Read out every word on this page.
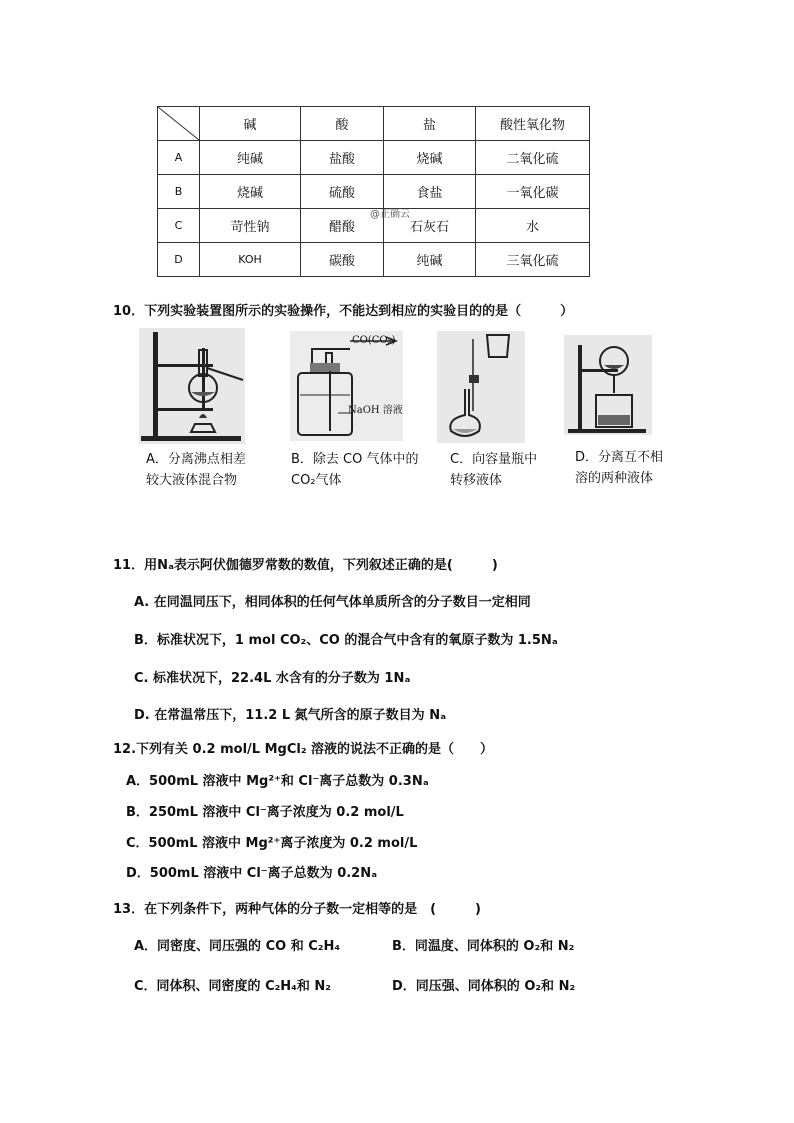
	碱	酸	盐	酸性氧化物
A	纯碱	盐酸	烧碱	二氧化硫
B	烧碱	硫酸	食盐	一氧化碳
C	苛性钠	醋酸	石灰石	水
D	KOH	碳酸	纯碱	三氧化硫
@正确云
10．下列实验装置图所示的实验操作，不能达到相应的实验目的的是（　　　）
A．分离沸点相差
较大液体混合物
CO(CO₂)
NaOH 溶液
B．除去 CO 气体中的
CO₂气体
C．向容量瓶中
转移液体
D．分离互不相
溶的两种液体
11．用Nₐ表示阿伏伽德罗常数的数值，下列叙述正确的是(　　　)
A. 在同温同压下，相同体积的任何气体单质所含的分子数目一定相同
B．标准状况下，1 mol CO₂、CO 的混合气中含有的氧原子数为 1.5Nₐ
C. 标准状况下，22.4L 水含有的分子数为 1Nₐ
D. 在常温常压下，11.2 L 氮气所含的原子数目为 Nₐ
12.下列有关 0.2 mol/L MgCl₂ 溶液的说法不正确的是（　　）
A．500mL 溶液中 Mg²⁺和 Cl⁻离子总数为 0.3Nₐ
B．250mL 溶液中 Cl⁻离子浓度为 0.2 mol/L
C．500mL 溶液中 Mg²⁺离子浓度为 0.2 mol/L
D．500mL 溶液中 Cl⁻离子总数为 0.2Nₐ
13．在下列条件下，两种气体的分子数一定相等的是　(　　　)
A．同密度、同压强的 CO 和 C₂H₄	B．同温度、同体积的 O₂和 N₂
C．同体积、同密度的 C₂H₄和 N₂	D．同压强、同体积的 O₂和 N₂
